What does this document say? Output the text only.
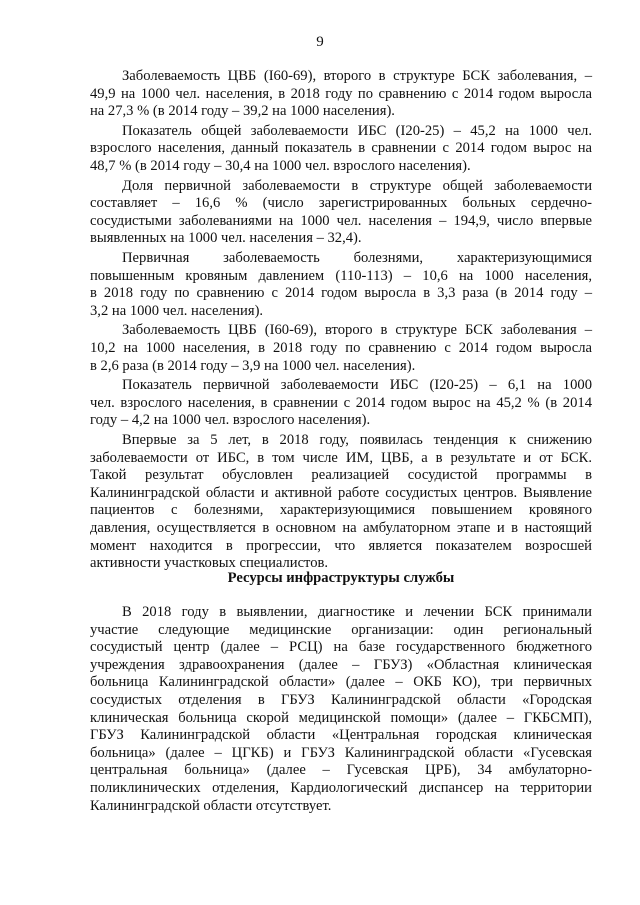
9
Заболеваемость ЦВБ (I60-69), второго в структуре БСК заболевания, –
49,9 на 1000 чел. населения, в 2018 году по сравнению с 2014 годом выросла
на 27,3 % (в 2014 году – 39,2 на 1000 населения).
Показатель общей заболеваемости ИБС (I20-25) – 45,2 на 1000 чел.
взрослого населения, данный показатель в сравнении с 2014 годом вырос на
48,7 % (в 2014 году – 30,4 на 1000 чел. взрослого населения).
Доля первичной заболеваемости в структуре общей заболеваемости
составляет – 16,6 % (число зарегистрированных больных сердечно-
сосудистыми заболеваниями на 1000 чел. населения – 194,9, число впервые
выявленных на 1000 чел. населения – 32,4).
Первичная заболеваемость болезнями, характеризующимися
повышенным кровяным давлением (110-113) – 10,6 на 1000 населения,
в 2018 году по сравнению с 2014 годом выросла в 3,3 раза (в 2014 году –
3,2 на 1000 чел. населения).
Заболеваемость ЦВБ (I60-69), второго в структуре БСК заболевания –
10,2 на 1000 населения, в 2018 году по сравнению с 2014 годом выросла
в 2,6 раза (в 2014 году – 3,9 на 1000 чел. населения).
Показатель первичной заболеваемости ИБС (I20-25) – 6,1 на 1000
чел. взрослого населения, в сравнении с 2014 годом вырос на 45,2 % (в 2014
году – 4,2 на 1000 чел. взрослого населения).
Впервые за 5 лет, в 2018 году, появилась тенденция к снижению
заболеваемости от ИБС, в том числе ИМ, ЦВБ, а в результате и от БСК.
Такой результат обусловлен реализацией сосудистой программы в
Калининградской области и активной работе сосудистых центров. Выявление
пациентов с болезнями, характеризующимися повышением кровяного
давления, осуществляется в основном на амбулаторном этапе и в настоящий
момент находится в прогрессии, что является показателем возросшей
активности участковых специалистов.
Ресурсы инфраструктуры службы
В 2018 году в выявлении, диагностике и лечении БСК принимали
участие следующие медицинские организации: один региональный
сосудистый центр (далее – РСЦ) на базе государственного бюджетного
учреждения здравоохранения (далее – ГБУЗ) «Областная клиническая
больница Калининградской области» (далее – ОКБ КО), три первичных
сосудистых отделения в ГБУЗ Калининградской области «Городская
клиническая больница скорой медицинской помощи» (далее – ГКБСМП),
ГБУЗ Калининградской области «Центральная городская клиническая
больница» (далее – ЦГКБ) и ГБУЗ Калининградской области «Гусевская
центральная больница» (далее – Гусевская ЦРБ), 34 амбулаторно-
поликлинических отделения, Кардиологический диспансер на территории
Калининградской области отсутствует.
